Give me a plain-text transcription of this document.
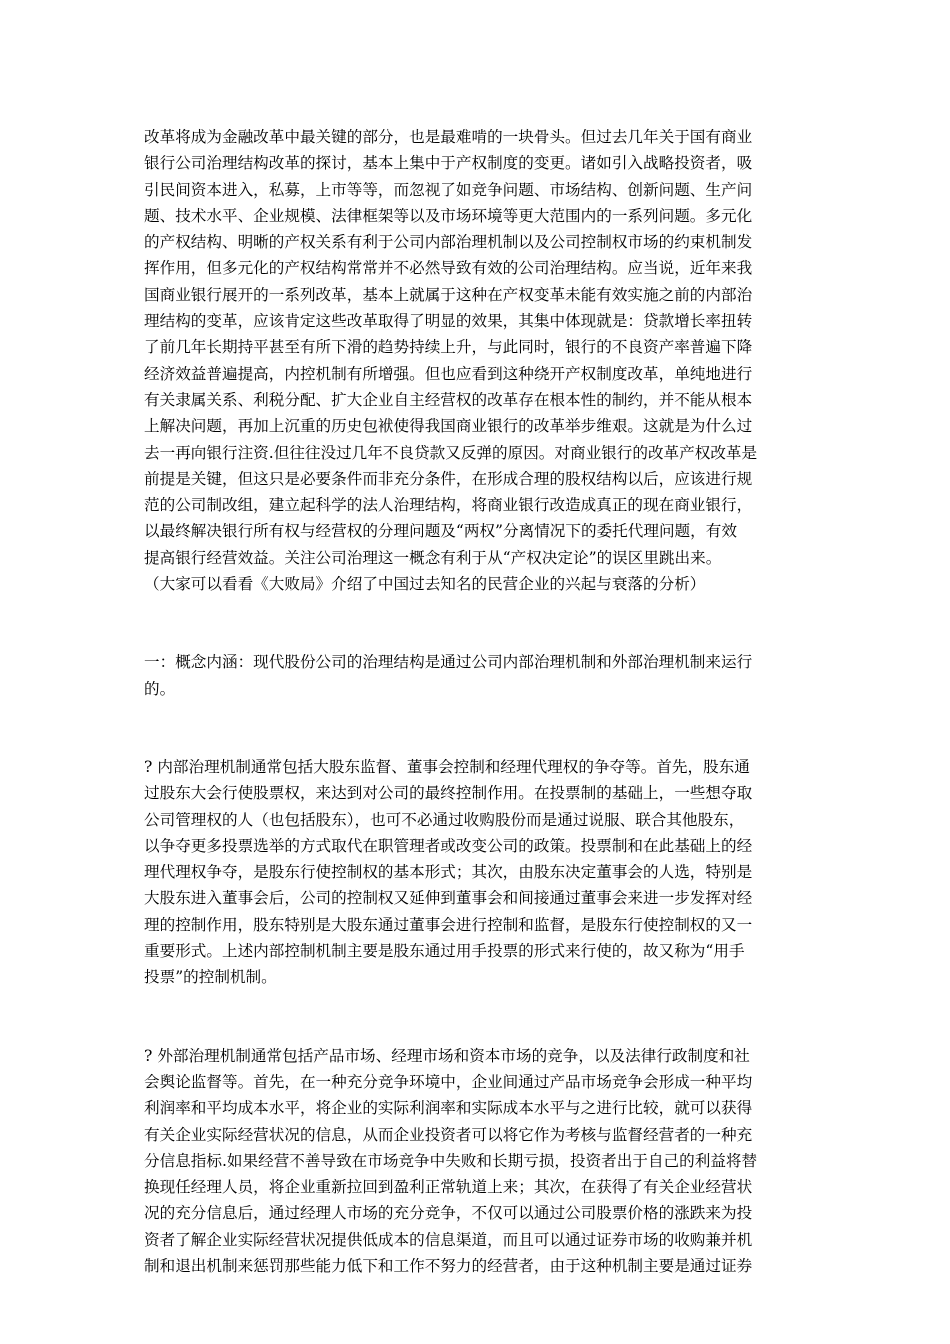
改革将成为金融改革中最关键的部分，也是最难啃的一块骨头。但过去几年关于国有商业
银行公司治理结构改革的探讨，基本上集中于产权制度的变更。诸如引入战略投资者，吸
引民间资本进入，私募，上市等等，而忽视了如竞争问题、市场结构、创新问题、生产问
题、技术水平、企业规模、法律框架等以及市场环境等更大范围内的一系列问题。多元化
的产权结构、明晰的产权关系有利于公司内部治理机制以及公司控制权市场的约束机制发
挥作用，但多元化的产权结构常常并不必然导致有效的公司治理结构。应当说，近年来我
国商业银行展开的一系列改革，基本上就属于这种在产权变革未能有效实施之前的内部治
理结构的变革，应该肯定这些改革取得了明显的效果，其集中体现就是：贷款增长率扭转
了前几年长期持平甚至有所下滑的趋势持续上升，与此同时，银行的不良资产率普遍下降
经济效益普遍提高，内控机制有所增强。但也应看到这种绕开产权制度改革，单纯地进行
有关隶属关系、利税分配、扩大企业自主经营权的改革存在根本性的制约，并不能从根本
上解决问题，再加上沉重的历史包袱使得我国商业银行的改革举步维艰。这就是为什么过
去一再向银行注资.但往往没过几年不良贷款又反弹的原因。对商业银行的改革产权改革是
前提是关键，但这只是必要条件而非充分条件，在形成合理的股权结构以后，应该进行规
范的公司制改组，建立起科学的法人治理结构，将商业银行改造成真正的现在商业银行，
以最终解决银行所有权与经营权的分理问题及“两权”分离情况下的委托代理问题，有效
提高银行经营效益。关注公司治理这一概念有利于从“产权决定论”的误区里跳出来。
（大家可以看看《大败局》介绍了中国过去知名的民营企业的兴起与衰落的分析）
一：概念内涵：现代股份公司的治理结构是通过公司内部治理机制和外部治理机制来运行
的。
? 内部治理机制通常包括大股东监督、董事会控制和经理代理权的争夺等。首先，股东通
过股东大会行使股票权，来达到对公司的最终控制作用。在投票制的基础上，一些想夺取
公司管理权的人（也包括股东），也可不必通过收购股份而是通过说服、联合其他股东，
以争夺更多投票选举的方式取代在职管理者或改变公司的政策。投票制和在此基础上的经
理代理权争夺，是股东行使控制权的基本形式；其次，由股东决定董事会的人选，特别是
大股东进入董事会后，公司的控制权又延伸到董事会和间接通过董事会来进一步发挥对经
理的控制作用，股东特别是大股东通过董事会进行控制和监督，是股东行使控制权的又一
重要形式。上述内部控制机制主要是股东通过用手投票的形式来行使的，故又称为“用手
投票”的控制机制。
? 外部治理机制通常包括产品市场、经理市场和资本市场的竞争，以及法律行政制度和社
会舆论监督等。首先，在一种充分竞争环境中，企业间通过产品市场竞争会形成一种平均
利润率和平均成本水平，将企业的实际利润率和实际成本水平与之进行比较，就可以获得
有关企业实际经营状况的信息，从而企业投资者可以将它作为考核与监督经营者的一种充
分信息指标.如果经营不善导致在市场竞争中失败和长期亏损，投资者出于自己的利益将替
换现任经理人员，将企业重新拉回到盈利正常轨道上来；其次，在获得了有关企业经营状
况的充分信息后，通过经理人市场的充分竞争，不仅可以通过公司股票价格的涨跌来为投
资者了解企业实际经营状况提供低成本的信息渠道，而且可以通过证券市场的收购兼并机
制和退出机制来惩罚那些能力低下和工作不努力的经营者，由于这种机制主要是通过证券
